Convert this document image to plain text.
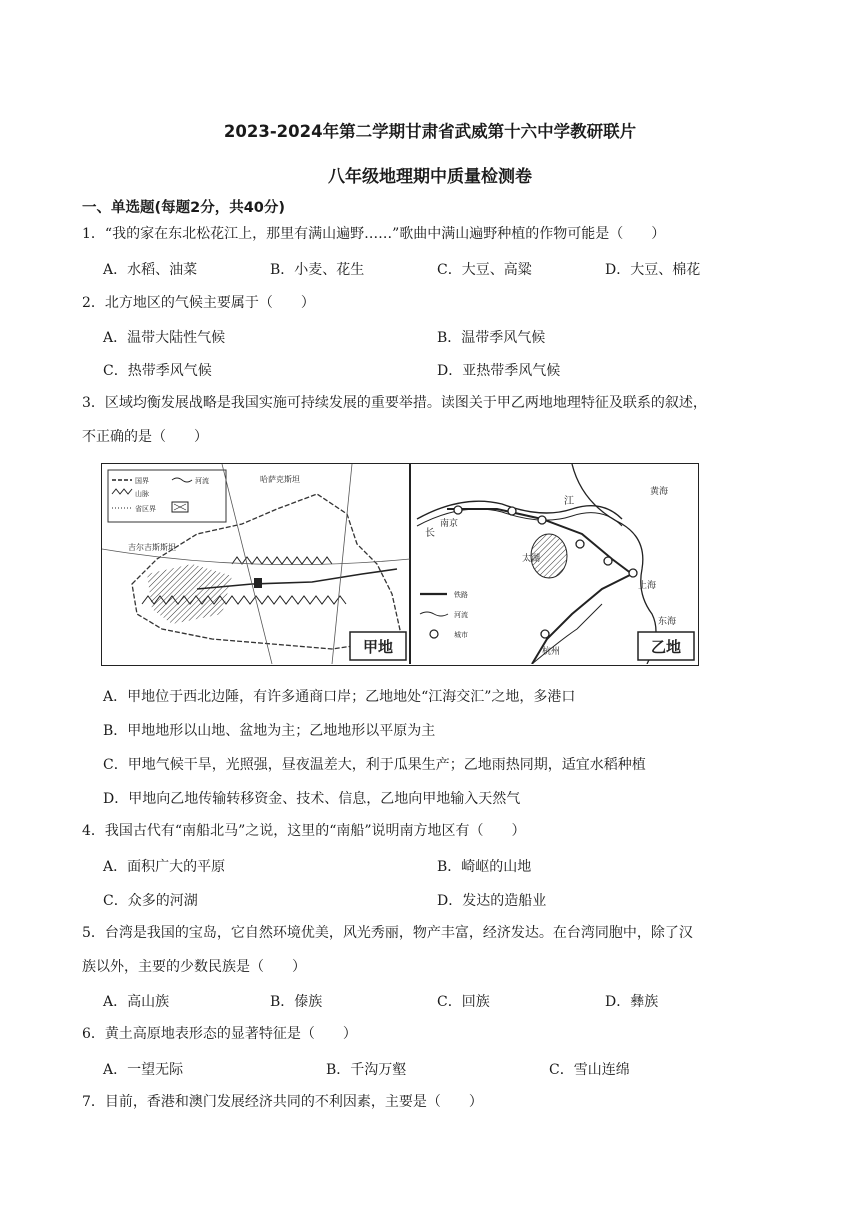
2023-2024年第二学期甘肃省武威第十六中学教研联片
八年级地理期中质量检测卷
一、单选题(每题2分，共40分)
1．“我的家在东北松花江上，那里有满山遍野……”歌曲中满山遍野种植的作物可能是（　　）
A．水稻、油菜	B．小麦、花生	C．大豆、高粱	D．大豆、棉花
2．北方地区的气候主要属于（　　）
A．温带大陆性气候	B．温带季风气候
C．热带季风气候	D．亚热带季风气候
3．区域均衡发展战略是我国实施可持续发展的重要举措。读图关于甲乙两地地理特征及联系的叙述，
不正确的是（　　）
国界	河流
山脉
省区界
哈萨克斯坦
吉尔吉斯斯坦
甲地
南京
太湖
上海
杭州
江
长
黄海
东海
铁路
河流
城市
乙地
A．甲地位于西北边陲，有许多通商口岸；乙地地处“江海交汇”之地，多港口
B．甲地地形以山地、盆地为主；乙地地形以平原为主
C．甲地气候干旱，光照强，昼夜温差大，利于瓜果生产；乙地雨热同期，适宜水稻种植
D．甲地向乙地传输转移资金、技术、信息，乙地向甲地输入天然气
4．我国古代有“南船北马”之说，这里的“南船”说明南方地区有（　　）
A．面积广大的平原	B．崎岖的山地
C．众多的河湖	D．发达的造船业
5．台湾是我国的宝岛，它自然环境优美，风光秀丽，物产丰富，经济发达。在台湾同胞中，除了汉
族以外，主要的少数民族是（　　）
A．高山族	B．傣族	C．回族	D．彝族
6．黄土高原地表形态的显著特征是（　　）
A．一望无际	B．千沟万壑	C．雪山连绵
7．目前，香港和澳门发展经济共同的不利因素，主要是（　　）
